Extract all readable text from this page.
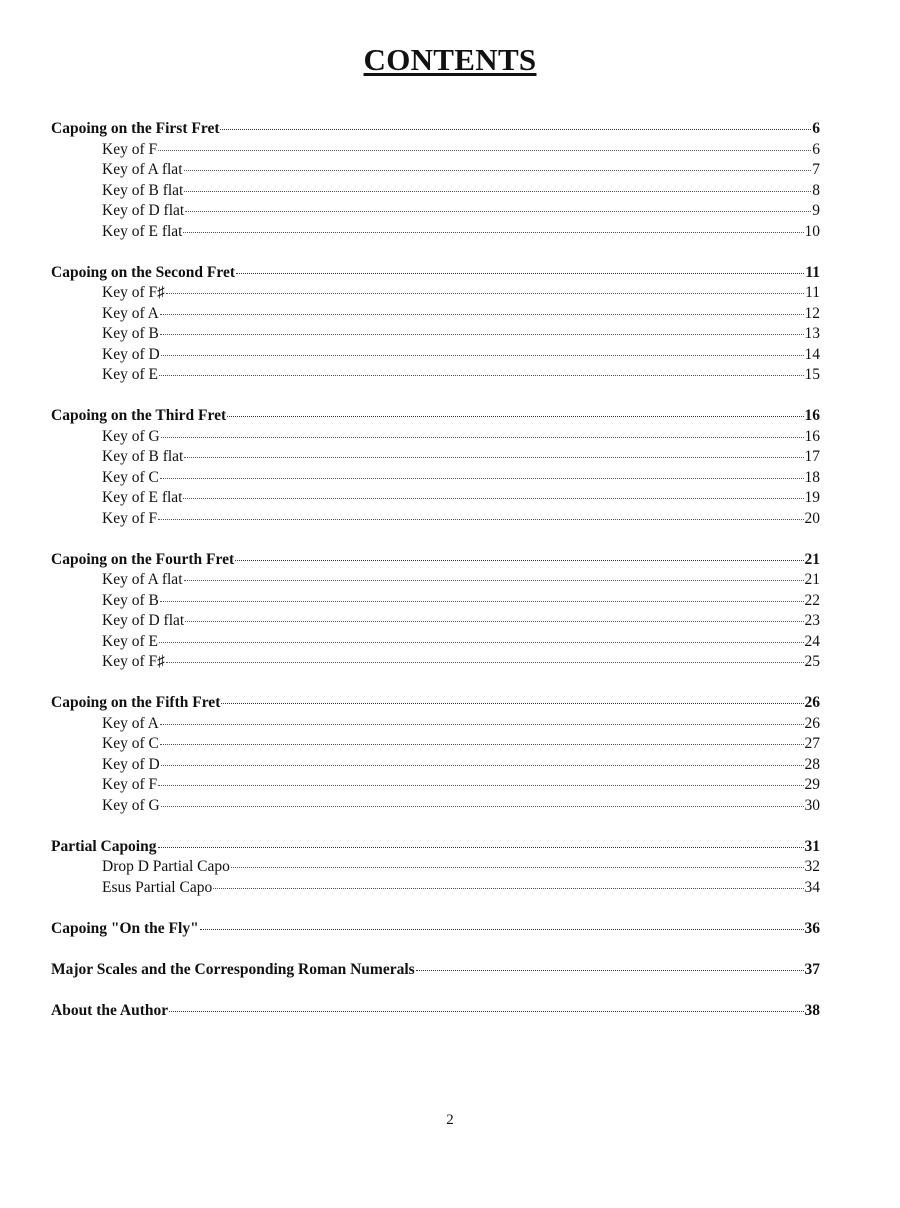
CONTENTS
Capoing on the First Fret	6
Key of F	6
Key of A flat	7
Key of B flat	8
Key of D flat	9
Key of E flat	10
Capoing on the Second Fret	11
Key of F♯	11
Key of A	12
Key of B	13
Key of D	14
Key of E	15
Capoing on the Third Fret	16
Key of G	16
Key of B flat	17
Key of C	18
Key of E flat	19
Key of F	20
Capoing on the Fourth Fret	21
Key of A flat	21
Key of B	22
Key of D flat	23
Key of E	24
Key of F♯	25
Capoing on the Fifth Fret	26
Key of A	26
Key of C	27
Key of D	28
Key of F	29
Key of G	30
Partial Capoing	31
Drop D Partial Capo	32
Esus Partial Capo	34
Capoing "On the Fly"	36
Major Scales and the Corresponding Roman Numerals	37
About the Author	38
2
